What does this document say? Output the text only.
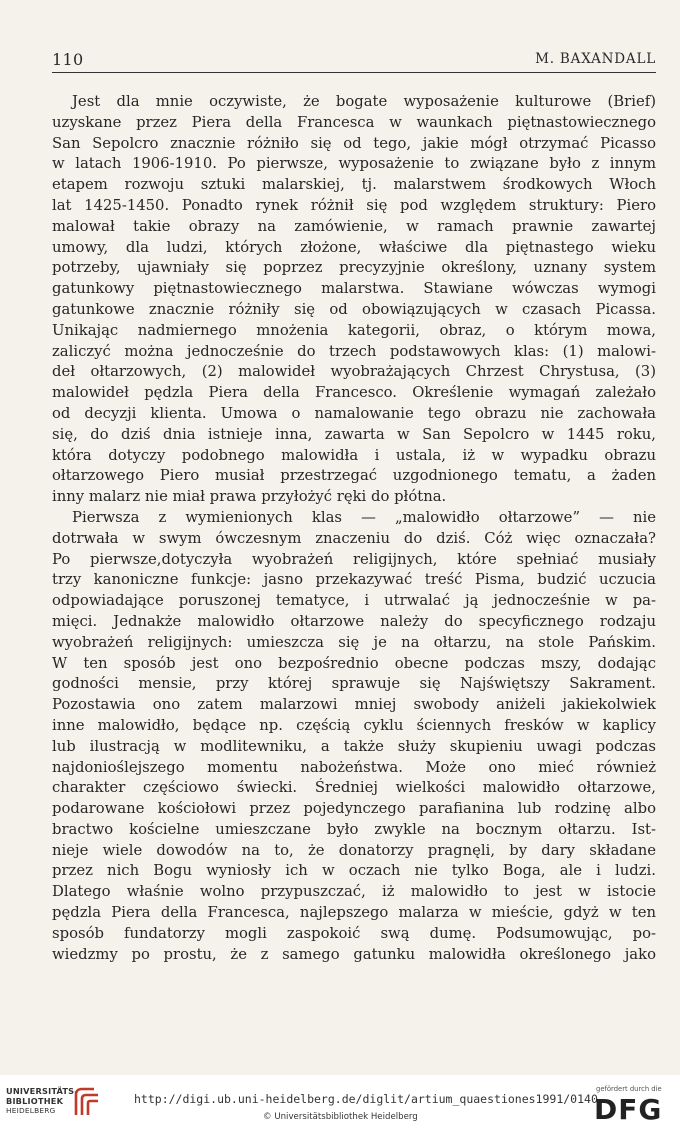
110	M. BAXANDALL
Jest dla mnie oczywiste, że bogate wyposażenie kulturowe (Brief)
uzyskane przez Piera della Francesca w waunkach piętnastowiecznego
San Sepolcro znacznie różniło się od tego, jakie mógł otrzymać Picasso
w latach 1906-1910. Po pierwsze, wyposażenie to związane było z innym
etapem rozwoju sztuki malarskiej, tj. malarstwem środkowych Włoch
lat 1425-1450. Ponadto rynek różnił się pod względem struktury: Piero
malował takie obrazy na zamówienie, w ramach prawnie zawartej
umowy, dla ludzi, których złożone, właściwe dla piętnastego wieku
potrzeby, ujawniały się poprzez precyzyjnie określony, uznany system
gatunkowy piętnastowiecznego malarstwa. Stawiane wówczas wymogi
gatunkowe znacznie różniły się od obowiązujących w czasach Picassa.
Unikając nadmiernego mnożenia kategorii, obraz, o którym mowa,
zaliczyć można jednocześnie do trzech podstawowych klas: (1) malowi-
deł ołtarzowych, (2) malowideł wyobrażających Chrzest Chrystusa, (3)
malowideł pędzla Piera della Francesco. Określenie wymagań zależało
od decyzji klienta. Umowa o namalowanie tego obrazu nie zachowała
się, do dziś dnia istnieje inna, zawarta w San Sepolcro w 1445 roku,
która dotyczy podobnego malowidła i ustala, iż w wypadku obrazu
ołtarzowego Piero musiał przestrzegać uzgodnionego tematu, a żaden
inny malarz nie miał prawa przyłożyć ręki do płótna.
Pierwsza z wymienionych klas — „malowidło ołtarzowe” — nie
dotrwała w swym ówczesnym znaczeniu do dziś. Cóż więc oznaczała?
Po pierwsze,dotyczyła wyobrażeń religijnych, które spełniać musiały
trzy kanoniczne funkcje: jasno przekazywać treść Pisma, budzić uczucia
odpowiadające poruszonej tematyce, i utrwalać ją jednocześnie w pa-
mięci. Jednakże malowidło ołtarzowe należy do specyficznego rodzaju
wyobrażeń religijnych: umieszcza się je na ołtarzu, na stole Pańskim.
W ten sposób jest ono bezpośrednio obecne podczas mszy, dodając
godności mensie, przy której sprawuje się Najświętszy Sakrament.
Pozostawia ono zatem malarzowi mniej swobody aniżeli jakiekolwiek
inne malowidło, będące np. częścią cyklu ściennych fresków w kaplicy
lub ilustracją w modlitewniku, a także służy skupieniu uwagi podczas
najdonioślejszego momentu nabożeństwa. Może ono mieć również
charakter częściowo świecki. Średniej wielkości malowidło ołtarzowe,
podarowane kościołowi przez pojedynczego parafianina lub rodzinę albo
bractwo kościelne umieszczane było zwykle na bocznym ołtarzu. Ist-
nieje wiele dowodów na to, że donatorzy pragnęli, by dary składane
przez nich Bogu wyniosły ich w oczach nie tylko Boga, ale i ludzi.
Dlatego właśnie wolno przypuszczać, iż malowidło to jest w istocie
pędzla Piera della Francesca, najlepszego malarza w mieście, gdyż w ten
sposób fundatorzy mogli zaspokoić swą dumę. Podsumowując, po-
wiedzmy po prostu, że z samego gatunku malowidła określonego jako
UNIVERSITÄTS-
BIBLIOTHEK
HEIDELBERG
http://digi.ub.uni-heidelberg.de/diglit/artium_quaestiones1991/0140
© Universitätsbibliothek Heidelberg
gefördert durch die
DFG
